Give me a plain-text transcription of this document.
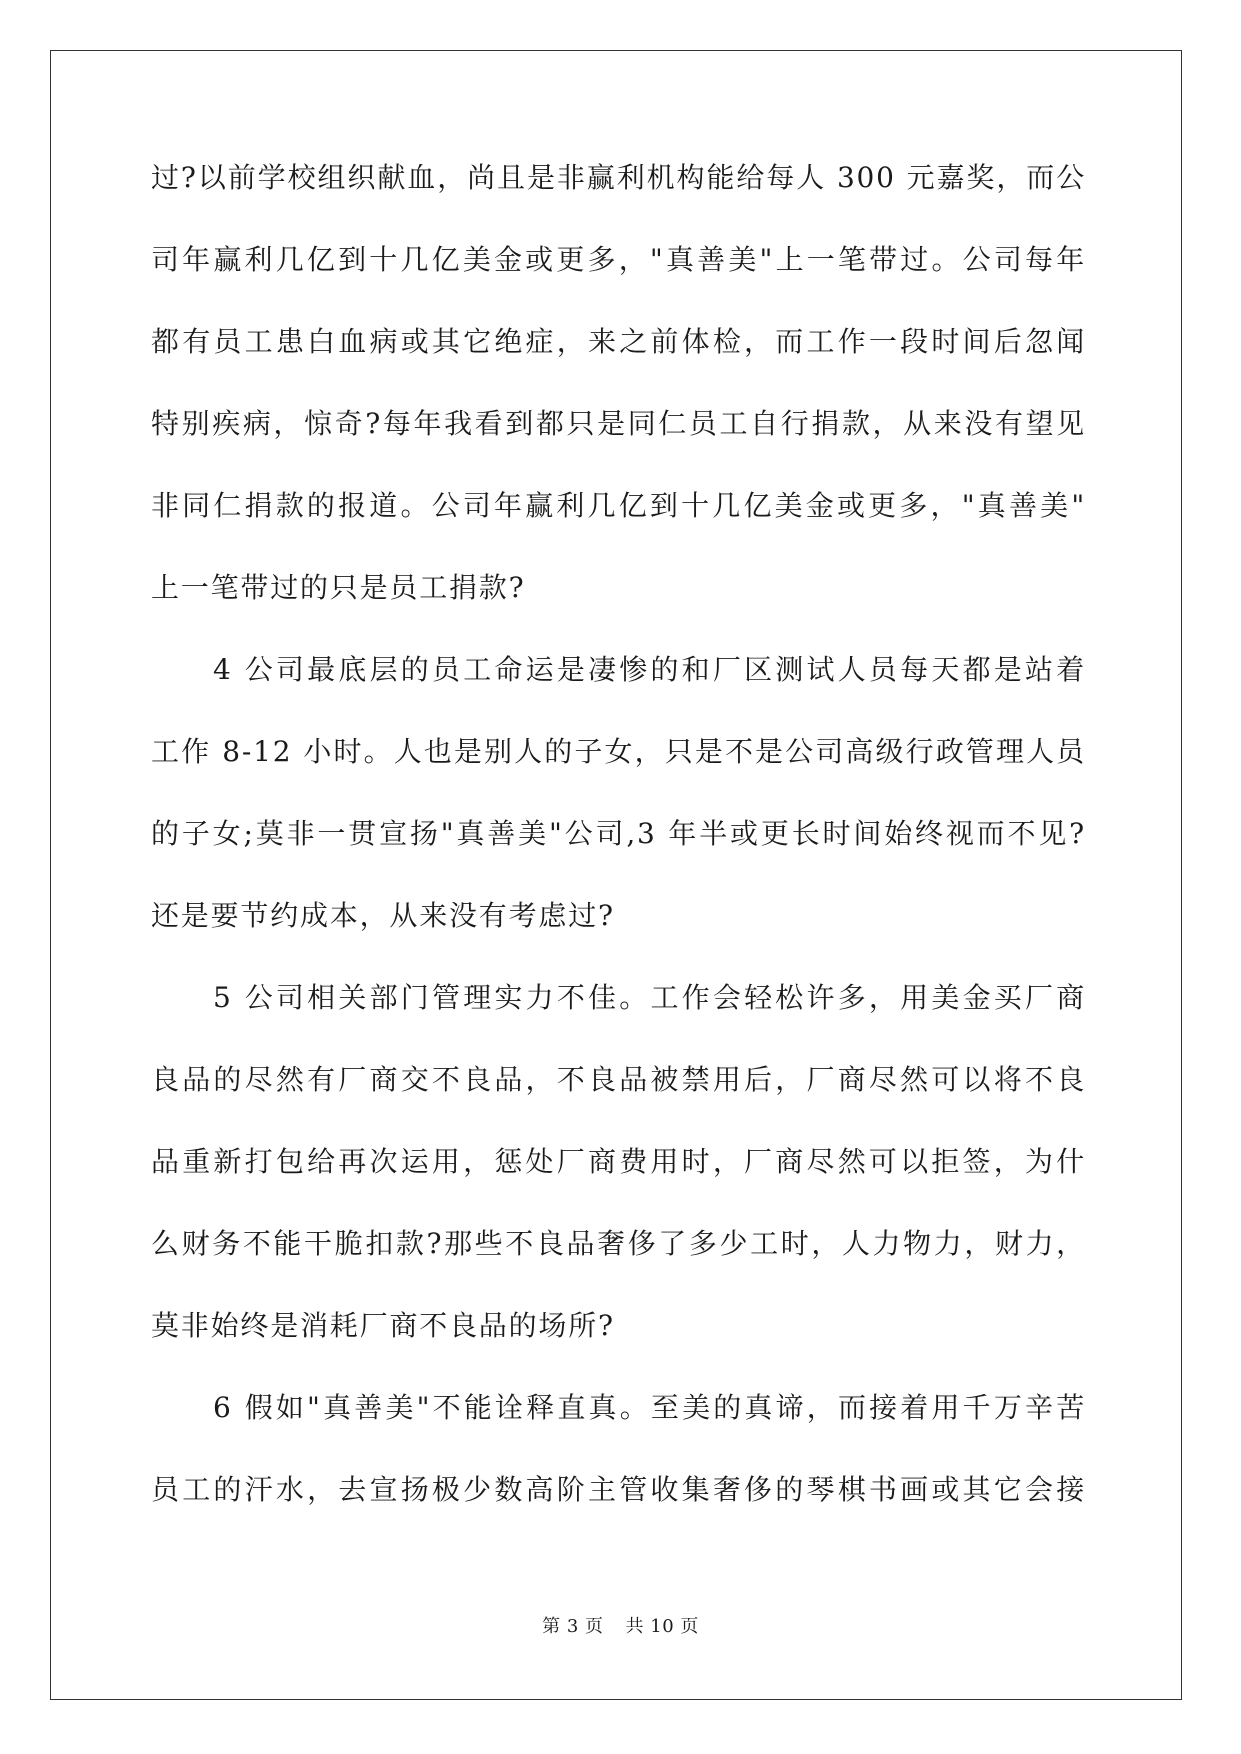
过?以前学校组织献血，尚且是非赢利机构能给每人 300 元嘉奖，而公
司年赢利几亿到十几亿美金或更多，"真善美"上一笔带过。公司每年
都有员工患白血病或其它绝症，来之前体检，而工作一段时间后忽闻
特别疾病，惊奇?每年我看到都只是同仁员工自行捐款，从来没有望见
非同仁捐款的报道。公司年赢利几亿到十几亿美金或更多，"真善美"
上一笔带过的只是员工捐款?
4 公司最底层的员工命运是凄惨的和厂区测试人员每天都是站着
工作 8-12 小时。人也是别人的子女，只是不是公司高级行政管理人员
的子女;莫非一贯宣扬"真善美"公司,3 年半或更长时间始终视而不见?
还是要节约成本，从来没有考虑过?
5 公司相关部门管理实力不佳。工作会轻松许多，用美金买厂商
良品的尽然有厂商交不良品，不良品被禁用后，厂商尽然可以将不良
品重新打包给再次运用，惩处厂商费用时，厂商尽然可以拒签，为什
么财务不能干脆扣款?那些不良品奢侈了多少工时，人力物力，财力，
莫非始终是消耗厂商不良品的场所?
6 假如"真善美"不能诠释直真。至美的真谛，而接着用千万辛苦
员工的汗水，去宣扬极少数高阶主管收集奢侈的琴棋书画或其它会接
第 3 页 共 10 页
